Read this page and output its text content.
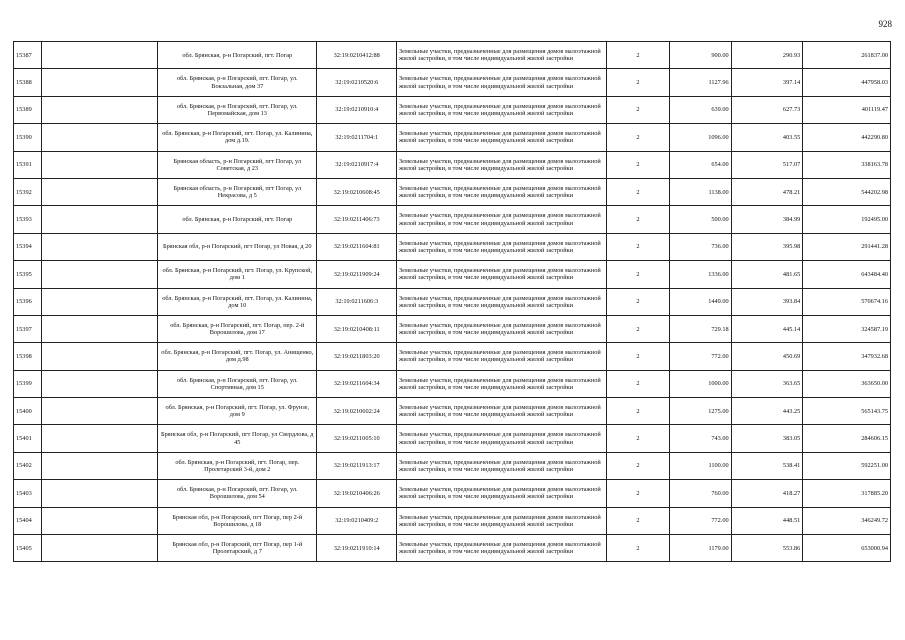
928
15387		обл. Брянская, р-н Погарский, пгт. Погар	32:19:0210412:88	Земельные участки, предназначенные для размещения домов малоэтажной жилой застройки, в том числе индивидуальной жилой застройки	2	900.00	290.93	261837.00
15388		обл. Брянская, р-н Погарский, пгт. Погар, ул. Вокзальная, дом 37	32:19:0210520:6	Земельные участки, предназначенные для размещения домов малоэтажной жилой застройки, в том числе индивидуальной жилой застройки	2	1127.96	397.14	447958.03
15389		обл. Брянская, р-н Погарский, пгт. Погар, ул. Первомайская, дом 13	32:19:0210910:4	Земельные участки, предназначенные для размещения домов малоэтажной жилой застройки, в том числе индивидуальной жилой застройки	2	639.00	627.73	401119.47
15390		обл. Брянская, р-н Погарский, пгт. Погар, ул. Калинина, дом д.19.	32:19:0211704:1	Земельные участки, предназначенные для размещения домов малоэтажной жилой застройки, в том числе индивидуальной жилой застройки	2	1096.00	403.55	442290.80
15391		Брянская область, р-н Погарский, пгт Погар, ул Советская, д 23	32:19:0210917:4	Земельные участки, предназначенные для размещения домов малоэтажной жилой застройки, в том числе индивидуальной жилой застройки	2	654.00	517.07	338163.78
15392		Брянская область, р-н Погарский, пгт Погар, ул Некрасова, д 5	32:19:0210608:45	Земельные участки, предназначенные для размещения домов малоэтажной жилой застройки, в том числе индивидуальной жилой застройки	2	1138.00	478.21	544202.98
15393		обл. Брянская, р-н Погарский, пгт. Погар	32:19:0211406:73	Земельные участки, предназначенные для размещения домов малоэтажной жилой застройки, в том числе индивидуальной жилой застройки	2	500.00	384.99	192495.00
15394		Брянская обл, р-н Погарский, пгт Погар, ул Новая, д 20	32:19:0211604:81	Земельные участки, предназначенные для размещения домов малоэтажной жилой застройки, в том числе индивидуальной жилой застройки	2	736.00	395.98	291441.28
15395		обл. Брянская, р-н Погарский, пгт. Погар, ул. Крупской, дом 1	32:19:0211909:24	Земельные участки, предназначенные для размещения домов малоэтажной жилой застройки, в том числе индивидуальной жилой застройки	2	1336.00	481.65	643484.40
15396		обл. Брянская, р-н Погарский, пгт. Погар, ул. Калинина, дом 10	32:19:0211606:3	Земельные участки, предназначенные для размещения домов малоэтажной жилой застройки, в том числе индивидуальной жилой застройки	2	1449.00	393.84	570674.16
15397		обл. Брянская, р-н Погарский, пгт. Погар, пер. 2-й Ворошилова, дом 17	32:19:0210408:11	Земельные участки, предназначенные для размещения домов малоэтажной жилой застройки, в том числе индивидуальной жилой застройки	2	729.18	445.14	324587.19
15398		обл. Брянская, р-н Погарский, пгт. Погар, ул. Анищенко, дом д.98	32:19:0211803:20	Земельные участки, предназначенные для размещения домов малоэтажной жилой застройки, в том числе индивидуальной жилой застройки	2	772.00	450.69	347932.68
15399		обл. Брянская, р-н Погарский, пгт. Погар, ул. Спортивная, дом 15	32:19:0211604:34	Земельные участки, предназначенные для размещения домов малоэтажной жилой застройки, в том числе индивидуальной жилой застройки	2	1000.00	363.65	363650.00
15400		обл. Брянская, р-н Погарский, пгт. Погар, ул. Фрунзе, дом 9	32:19:0210602:24	Земельные участки, предназначенные для размещения домов малоэтажной жилой застройки, в том числе индивидуальной жилой застройки	2	1275.00	443.25	565143.75
15401		Брянская обл, р-н Погарский, пгт Погар, ул Свердлова, д 45	32:19:0211005:10	Земельные участки, предназначенные для размещения домов малоэтажной жилой застройки, в том числе индивидуальной жилой застройки	2	743.00	383.05	284606.15
15402		обл. Брянская, р-н Погарский, пгт. Погар, пер. Пролетарский 3-й, дом 2	32:19:0211913:17	Земельные участки, предназначенные для размещения домов малоэтажной жилой застройки, в том числе индивидуальной жилой застройки	2	1100.00	538.41	592251.00
15403		обл. Брянская, р-н Погарский, пгт. Погар, ул. Ворошилова, дом 54	32:19:0210406:26	Земельные участки, предназначенные для размещения домов малоэтажной жилой застройки, в том числе индивидуальной жилой застройки	2	760.00	418.27	317885.20
15404		Брянская обл, р-н Погарский, пгт Погар, пер 2-й Ворошилова, д 18	32:19:0210409:2	Земельные участки, предназначенные для размещения домов малоэтажной жилой застройки, в том числе индивидуальной жилой застройки	2	772.00	448.51	346249.72
15405		Брянская обл, р-н Погарский, пгт Погар, пер 1-й Пролетарский, д 7	32:19:0211910:14	Земельные участки, предназначенные для размещения домов малоэтажной жилой застройки, в том числе индивидуальной жилой застройки	2	1179.00	553.86	653000.94
